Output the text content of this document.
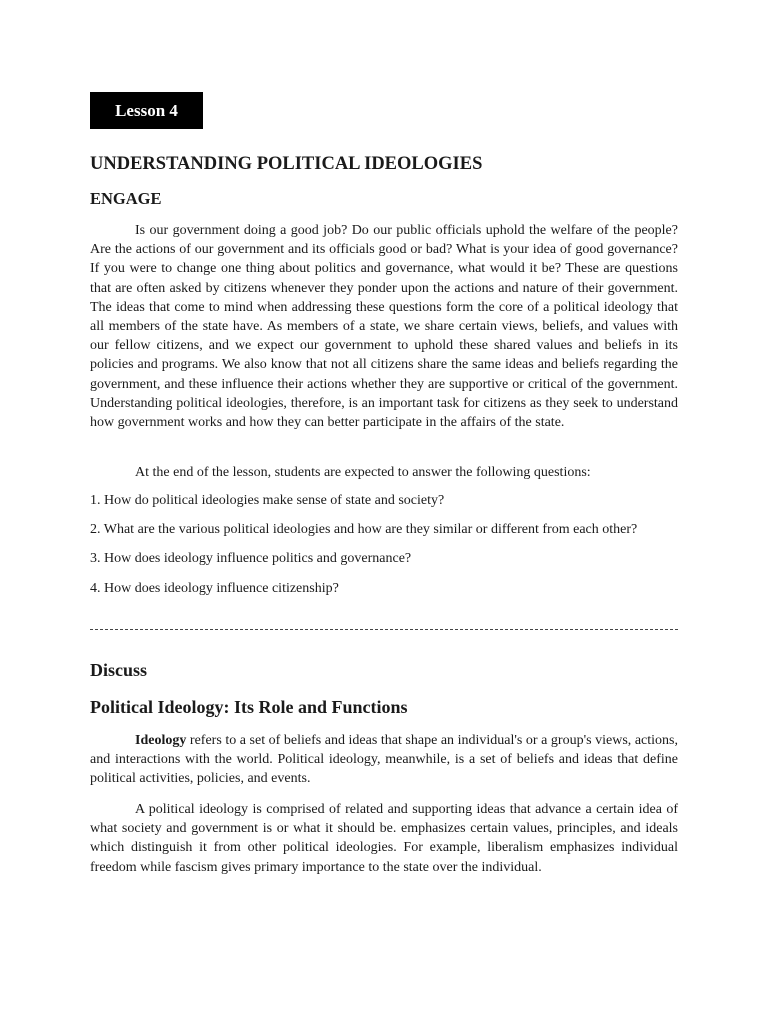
Lesson 4
UNDERSTANDING POLITICAL IDEOLOGIES
ENGAGE

Is our government doing a good job? Do our public officials uphold the welfare of the people? Are the actions of our government and its officials good or bad? What is your idea of good governance? If you were to change one thing about politics and governance, what would it be? These are questions that are often asked by citizens whenever they ponder upon the actions and nature of their government. The ideas that come to mind when addressing these questions form the core of a political ideology that all members of the state have. As members of a state, we share certain views, beliefs, and values with our fellow citizens, and we expect our government to uphold these shared values and beliefs in its policies and programs. We also know that not all citizens share the same ideas and beliefs regarding the government, and these influence their actions whether they are supportive or critical of the government. Understanding political ideologies, therefore, is an important task for citizens as they seek to understand how government works and how they can better participate in the affairs of the state.

At the end of the lesson, students are expected to answer the following questions:

1. How do political ideologies make sense of state and society?
2. What are the various political ideologies and how are they similar or different from each other?
3. How does ideology influence politics and governance?
4. How does ideology influence citizenship?
Discuss
Political Ideology: Its Role and Functions

Ideology refers to a set of beliefs and ideas that shape an individual's or a group's views, actions, and interactions with the world. Political ideology, meanwhile, is a set of beliefs and ideas that define political activities, policies, and events.

A political ideology is comprised of related and supporting ideas that advance a certain idea of what society and government is or what it should be. emphasizes certain values, principles, and ideals which distinguish it from other political ideologies. For example, liberalism emphasizes individual freedom while fascism gives primary importance to the state over the individual.
